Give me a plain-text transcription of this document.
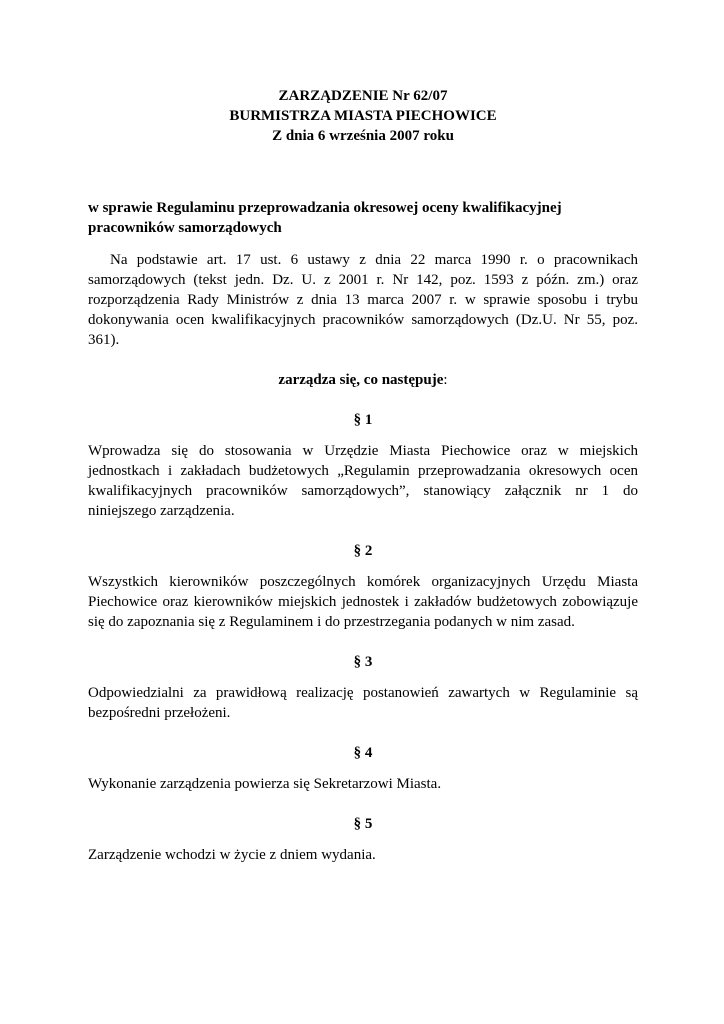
ZARZĄDZENIE Nr 62/07
BURMISTRZA MIASTA PIECHOWICE
Z dnia 6 września 2007 roku
w sprawie Regulaminu przeprowadzania okresowej oceny kwalifikacyjnej pracowników samorządowych
Na podstawie art. 17 ust. 6 ustawy z dnia 22 marca 1990 r. o pracownikach samorządowych (tekst jedn. Dz. U. z 2001 r. Nr 142, poz. 1593 z późn. zm.) oraz rozporządzenia Rady Ministrów z dnia 13 marca 2007 r. w sprawie sposobu i trybu dokonywania ocen kwalifikacyjnych pracowników samorządowych (Dz.U. Nr 55, poz. 361).
zarządza się, co następuje:
§ 1
Wprowadza się do stosowania w Urzędzie Miasta Piechowice oraz w miejskich jednostkach i zakładach budżetowych „Regulamin przeprowadzania okresowych ocen kwalifikacyjnych pracowników samorządowych”, stanowiący załącznik nr 1 do niniejszego zarządzenia.
§ 2
Wszystkich kierowników poszczególnych komórek organizacyjnych Urzędu Miasta Piechowice oraz kierowników miejskich jednostek i zakładów budżetowych zobowiązuje się do zapoznania się z Regulaminem i do przestrzegania podanych w nim zasad.
§ 3
Odpowiedzialni za prawidłową realizację postanowień zawartych w Regulaminie są bezpośredni przełożeni.
§ 4
Wykonanie zarządzenia powierza się Sekretarzowi Miasta.
§ 5
Zarządzenie wchodzi w życie z dniem wydania.
